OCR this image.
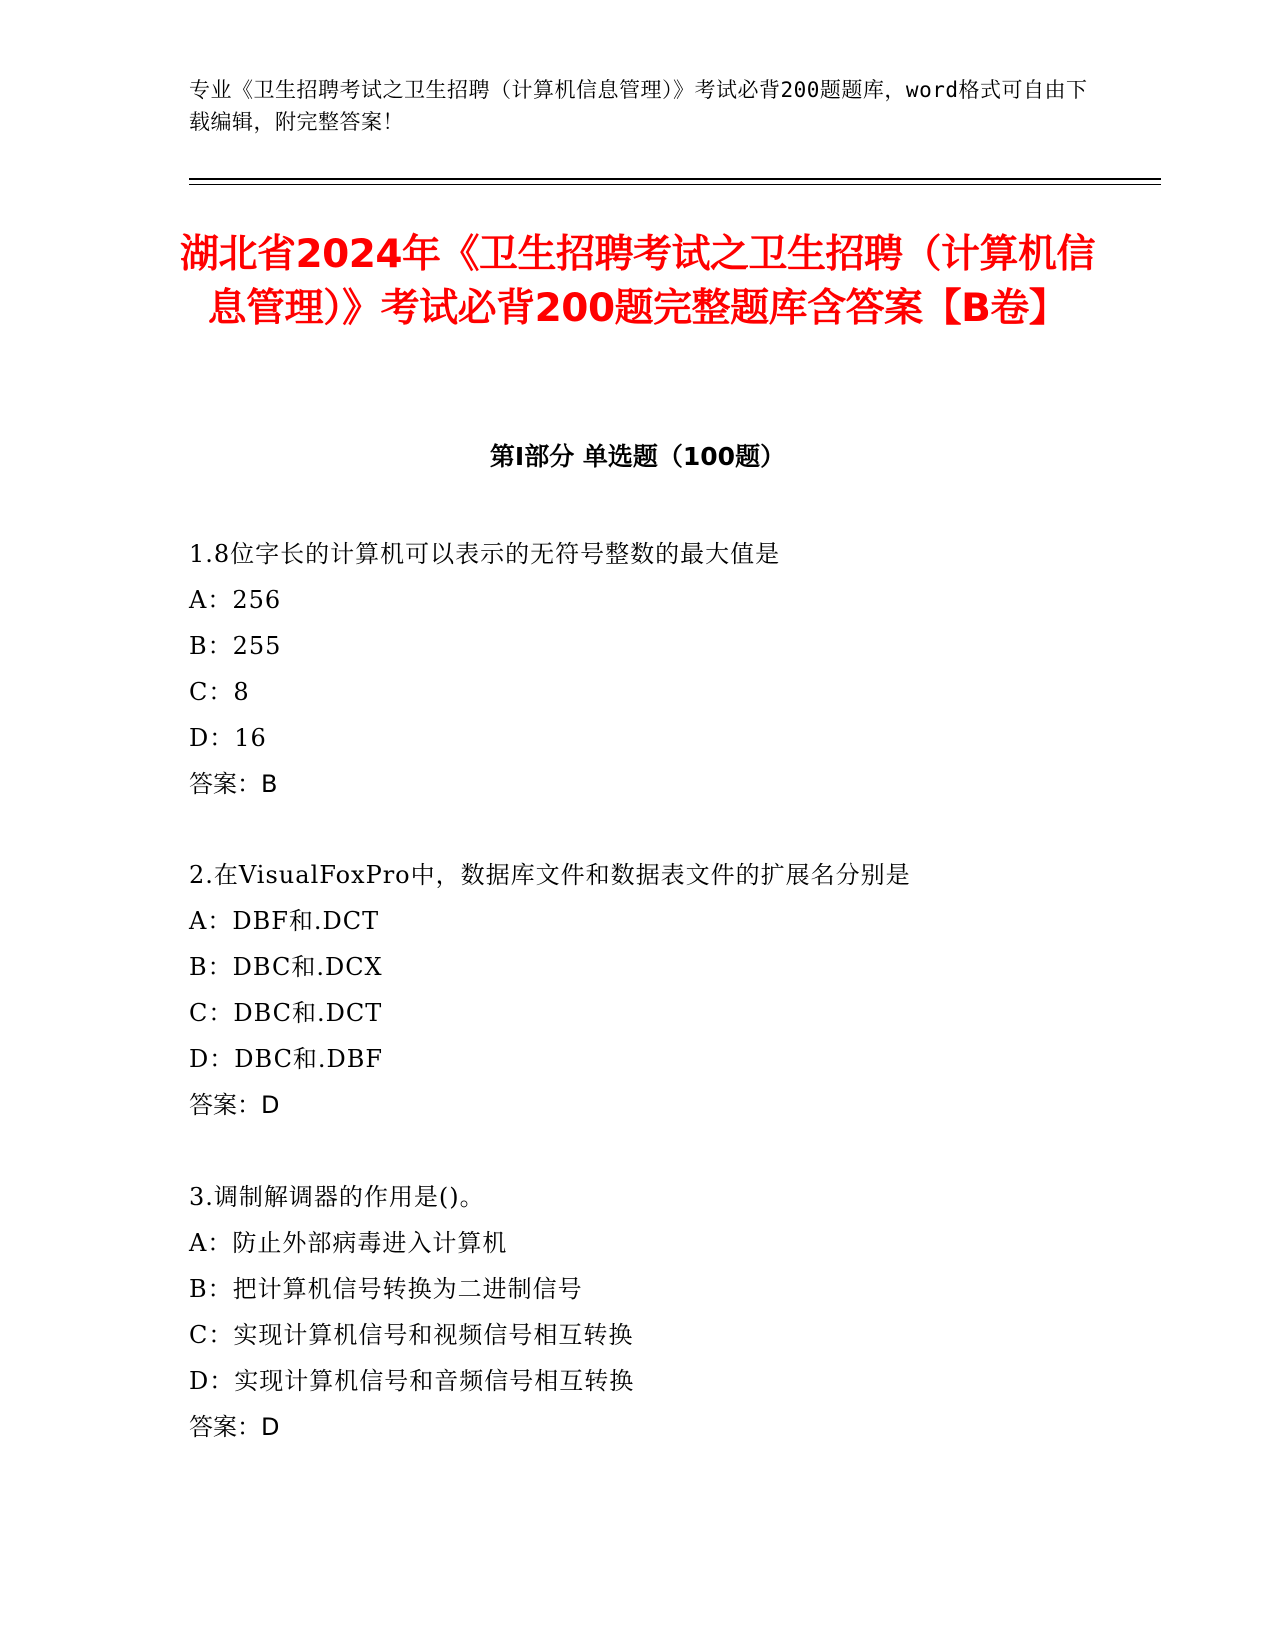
专业《卫生招聘考试之卫生招聘（计算机信息管理）》考试必背200题题库，word格式可自由下载编辑，附完整答案！
湖北省2024年《卫生招聘考试之卫生招聘（计算机信息管理）》考试必背200题完整题库含答案【B卷】
第Ⅰ部分 单选题（100题）
1.8位字长的计算机可以表示的无符号整数的最大值是
A：256
B：255
C：8
D：16
答案：B
2.在VisualFoxPro中，数据库文件和数据表文件的扩展名分别是
A：DBF和.DCT
B：DBC和.DCX
C：DBC和.DCT
D：DBC和.DBF
答案：D
3.调制解调器的作用是()。
A：防止外部病毒进入计算机
B：把计算机信号转换为二进制信号
C：实现计算机信号和视频信号相互转换
D：实现计算机信号和音频信号相互转换
答案：D
